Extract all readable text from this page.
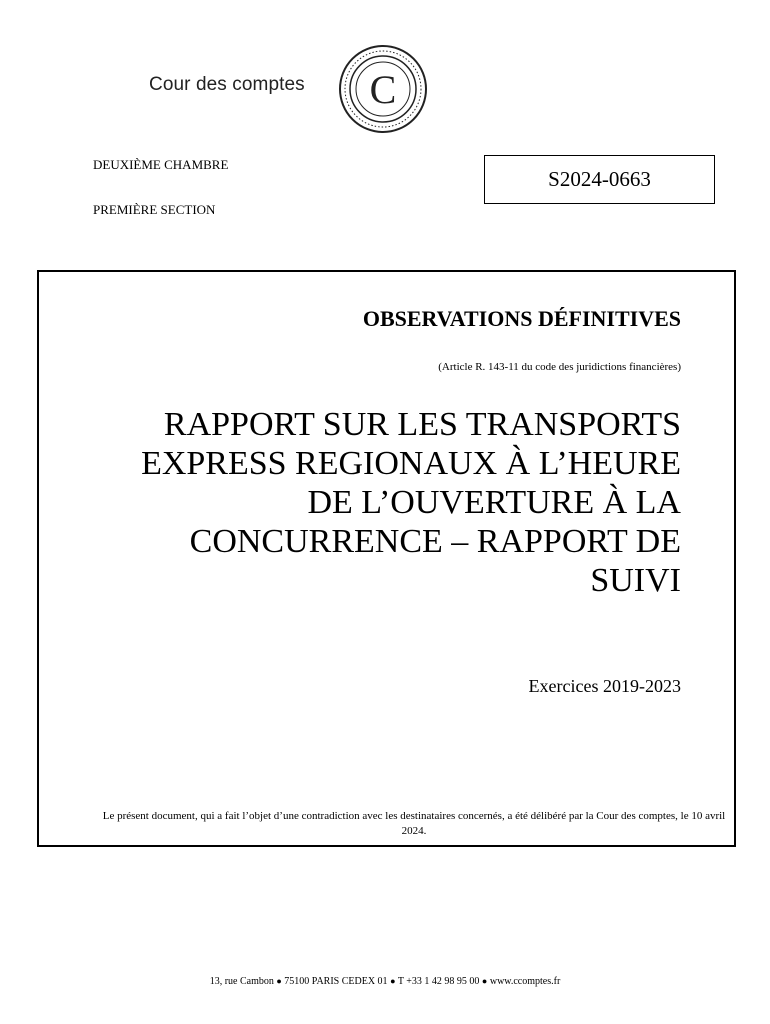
Cour des comptes C
DEUXIÈME CHAMBRE
PREMIÈRE SECTION
S2024-0663
OBSERVATIONS DÉFINITIVES
(Article R. 143-11 du code des juridictions financières)
RAPPORT SUR LES TRANSPORTS
EXPRESS REGIONAUX À L’HEURE
DE L’OUVERTURE À LA
CONCURRENCE – RAPPORT DE
SUIVI
Exercices 2019-2023
Le présent document, qui a fait l’objet d’une contradiction avec les destinataires concernés, a été délibéré par la Cour des comptes, le 10 avril 2024.
13, rue Cambon ● 75100 PARIS CEDEX 01 ● T +33 1 42 98 95 00 ● www.ccomptes.fr
